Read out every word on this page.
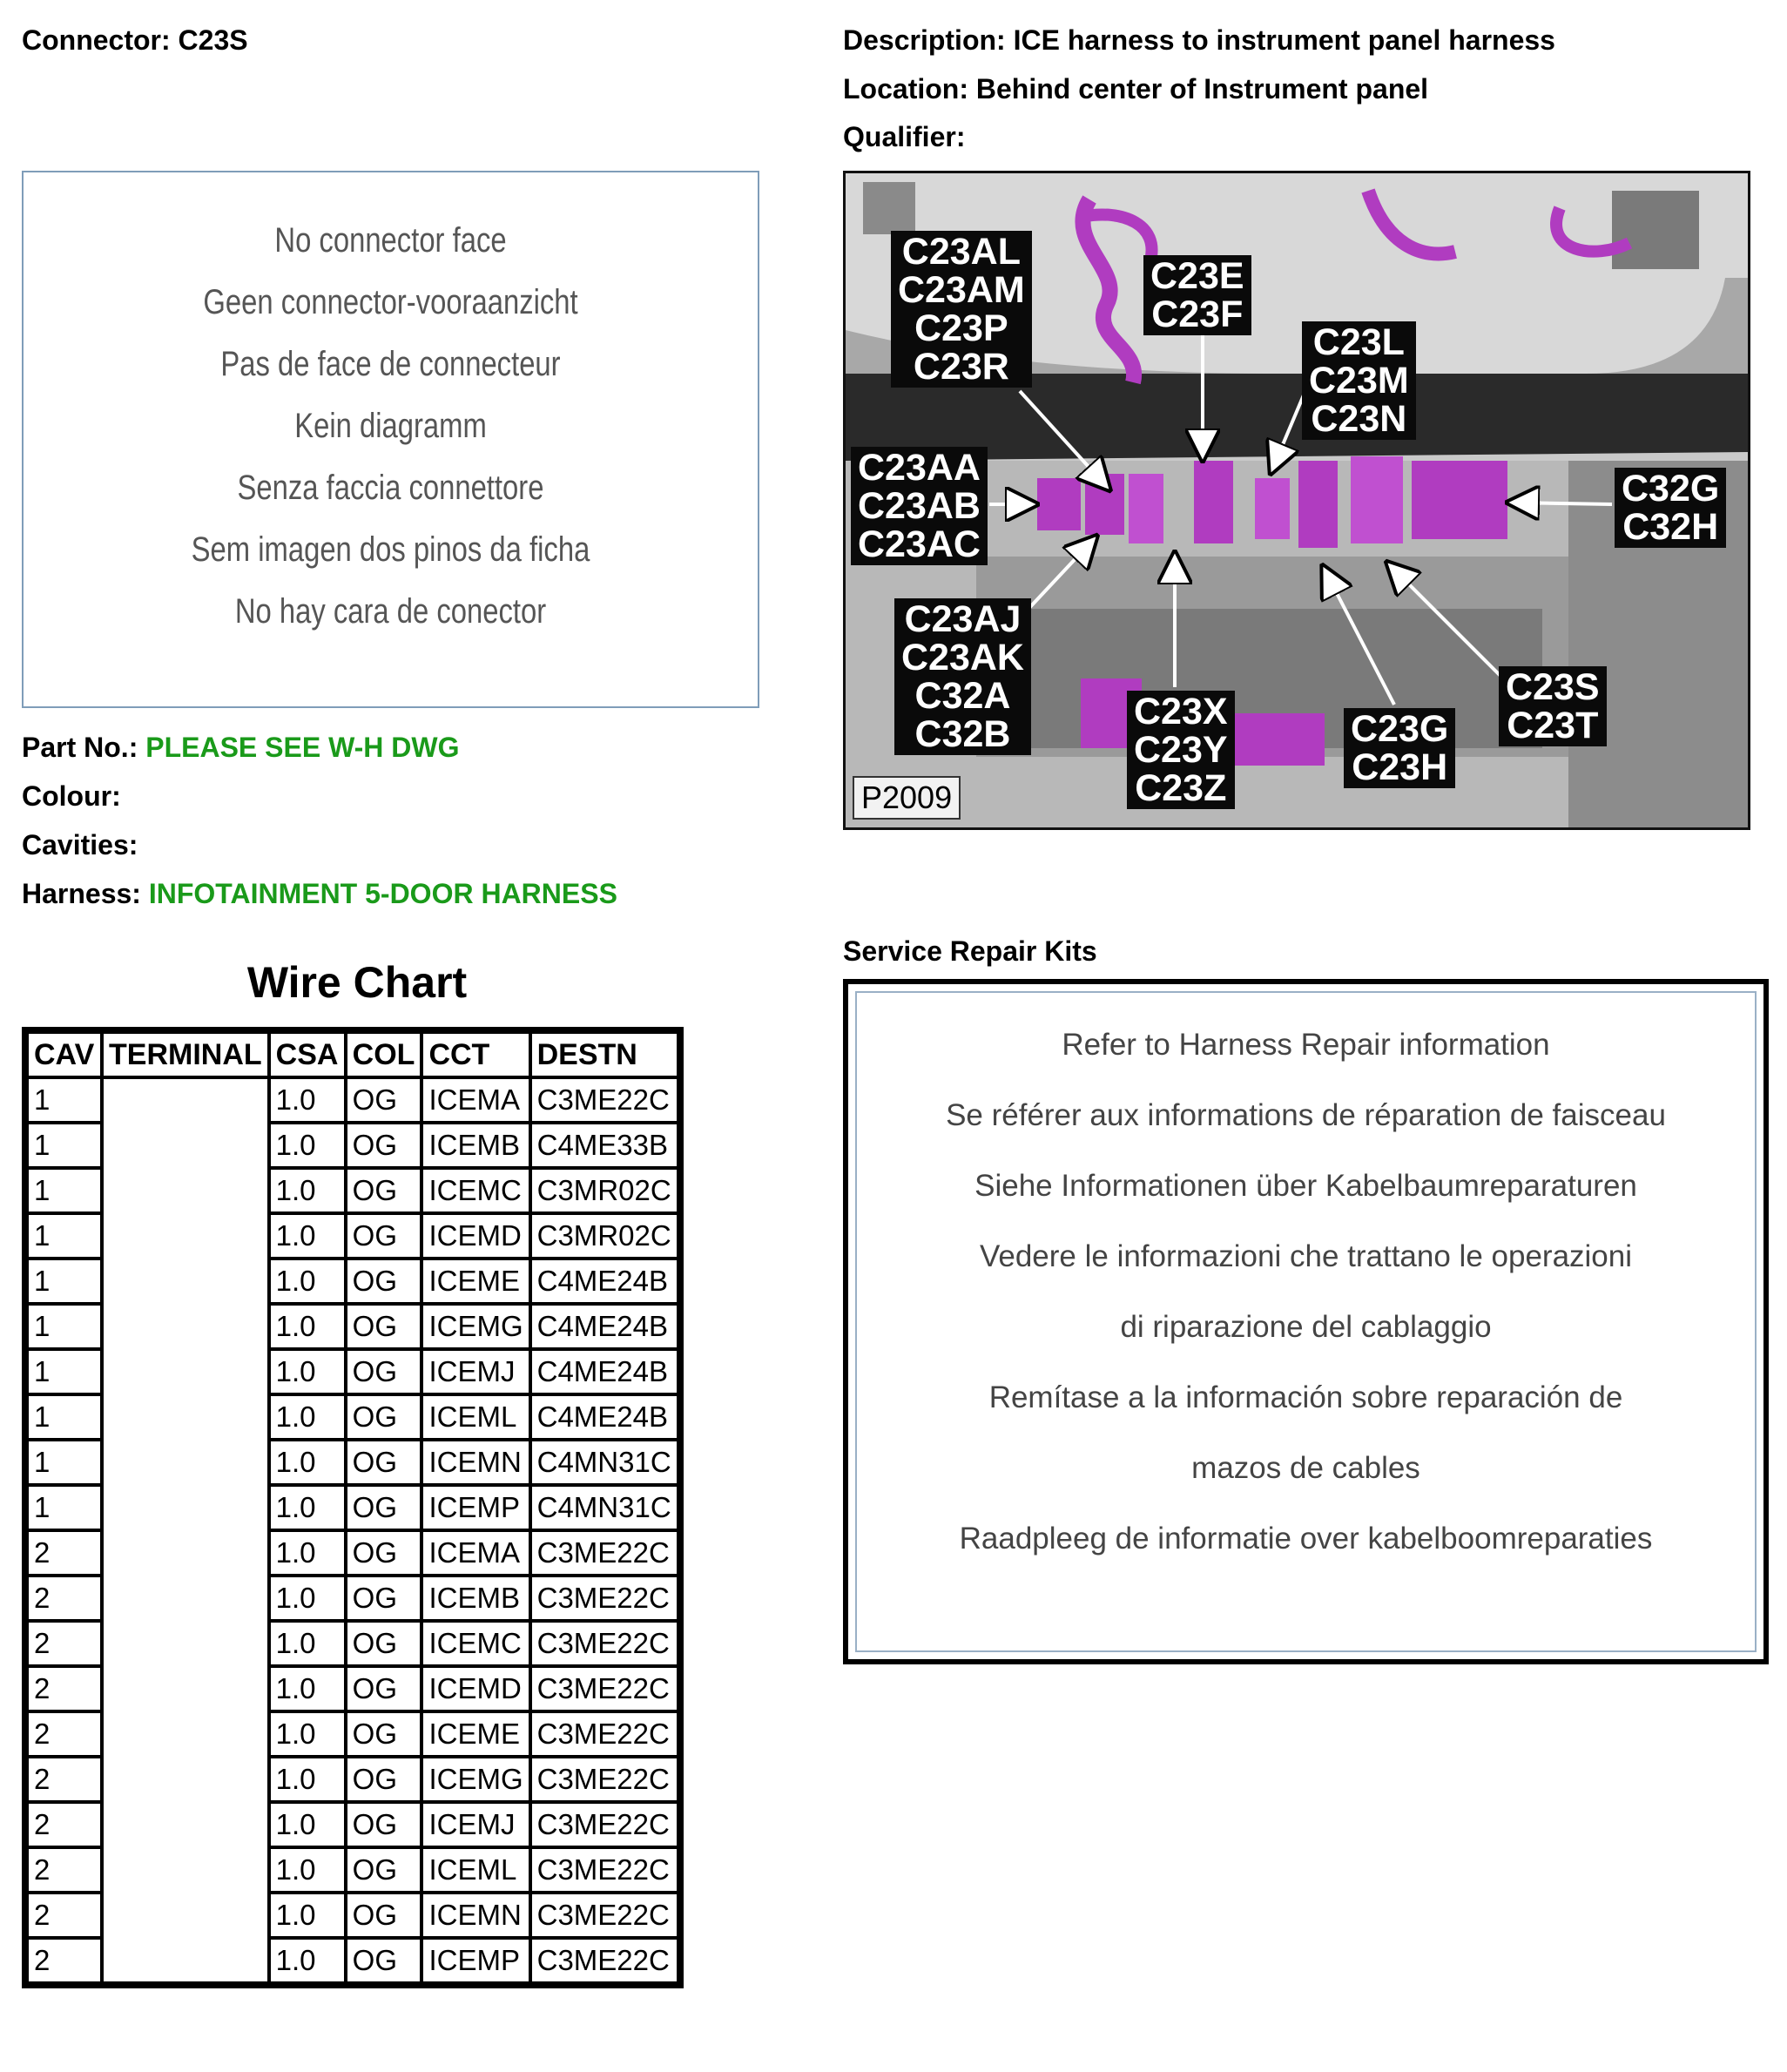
Connector: C23S	Description: ICE harness to instrument panel harness
Location: Behind center of Instrument panel
Qualifier:
No connector face
Geen connector-vooraanzicht
Pas de face de connecteur
Kein diagramm
Senza faccia connettore
Sem imagen dos pinos da ficha
No hay cara de conector
C23AL
C23AM
C23P
C23R
C23E
C23F
C23L
C23M
C23N
C23AA
C23AB
C23AC
C32G
C32H
C23AJ
C23AK
C32A
C32B
C23X
C23Y
C23Z
C23G
C23H
C23S
C23T
P2009
Part No.: PLEASE SEE W-H DWG
Colour:
Cavities:
Harness: INFOTAINMENT 5-DOOR HARNESS
Wire Chart
CAV	TERMINAL	CSA	COL	CCT	DESTN
1		1.0	OG	ICEMA	C3ME22C
1		1.0	OG	ICEMB	C4ME33B
1		1.0	OG	ICEMC	C3MR02C
1		1.0	OG	ICEMD	C3MR02C
1		1.0	OG	ICEME	C4ME24B
1		1.0	OG	ICEMG	C4ME24B
1		1.0	OG	ICEMJ	C4ME24B
1		1.0	OG	ICEML	C4ME24B
1		1.0	OG	ICEMN	C4MN31C
1		1.0	OG	ICEMP	C4MN31C
2		1.0	OG	ICEMA	C3ME22C
2		1.0	OG	ICEMB	C3ME22C
2		1.0	OG	ICEMC	C3ME22C
2		1.0	OG	ICEMD	C3ME22C
2		1.0	OG	ICEME	C3ME22C
2		1.0	OG	ICEMG	C3ME22C
2		1.0	OG	ICEMJ	C3ME22C
2		1.0	OG	ICEML	C3ME22C
2		1.0	OG	ICEMN	C3ME22C
2		1.0	OG	ICEMP	C3ME22C
Service Repair Kits
Refer to Harness Repair information
Se référer aux informations de réparation de faisceau
Siehe Informationen über Kabelbaumreparaturen
Vedere le informazioni che trattano le operazioni
di riparazione del cablaggio
Remítase a la información sobre reparación de
mazos de cables
Raadpleeg de informatie over kabelboomreparaties
